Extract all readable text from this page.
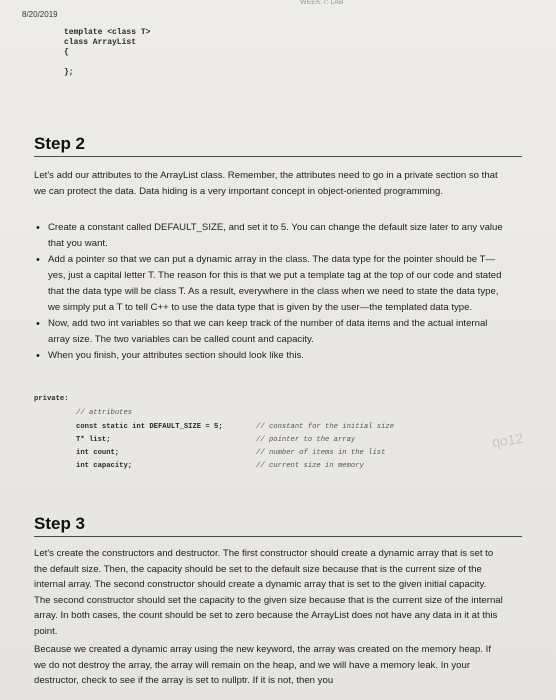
WEEK 7: LAB
8/20/2019
template <class T>
class ArrayList
{

};
Step 2
Let's add our attributes to the ArrayList class. Remember, the attributes need to go in a private section so that we can protect the data. Data hiding is a very important concept in object-oriented programming.
• Create a constant called DEFAULT_SIZE, and set it to 5. You can change the default size later to any value that you want.
• Add a pointer so that we can put a dynamic array in the class. The data type for the pointer should be T—yes, just a capital letter T. The reason for this is that we put a template tag at the top of our code and stated that the data type will be class T. As a result, everywhere in the class when we need to state the data type, we simply put a T to tell C++ to use the data type that is given by the user—the templated data type.
• Now, add two int variables so that we can keep track of the number of data items and the actual internal array size. The two variables can be called count and capacity.
• When you finish, your attributes section should look like this.
private:
// attributes
const static int DEFAULT_SIZE = 5;	// constant for the initial size
T* list;	// pointer to the array
int count;	// number of items in the list
int capacity;	// current size in memory
qo12
Step 3
Let's create the constructors and destructor. The first constructor should create a dynamic array that is set to the default size. Then, the capacity should be set to the default size because that is the current size of the internal array. The second constructor should create a dynamic array that is set to the given initial capacity. The second constructor should set the capacity to the given size because that is the current size of the internal array. In both cases, the count should be set to zero because the ArrayList does not have any data in it at this point.
Because we created a dynamic array using the new keyword, the array was created on the memory heap. If we do not destroy the array, the array will remain on the heap, and we will have a memory leak. In your destructor, check to see if the array is set to nullptr. If it is not, then you
